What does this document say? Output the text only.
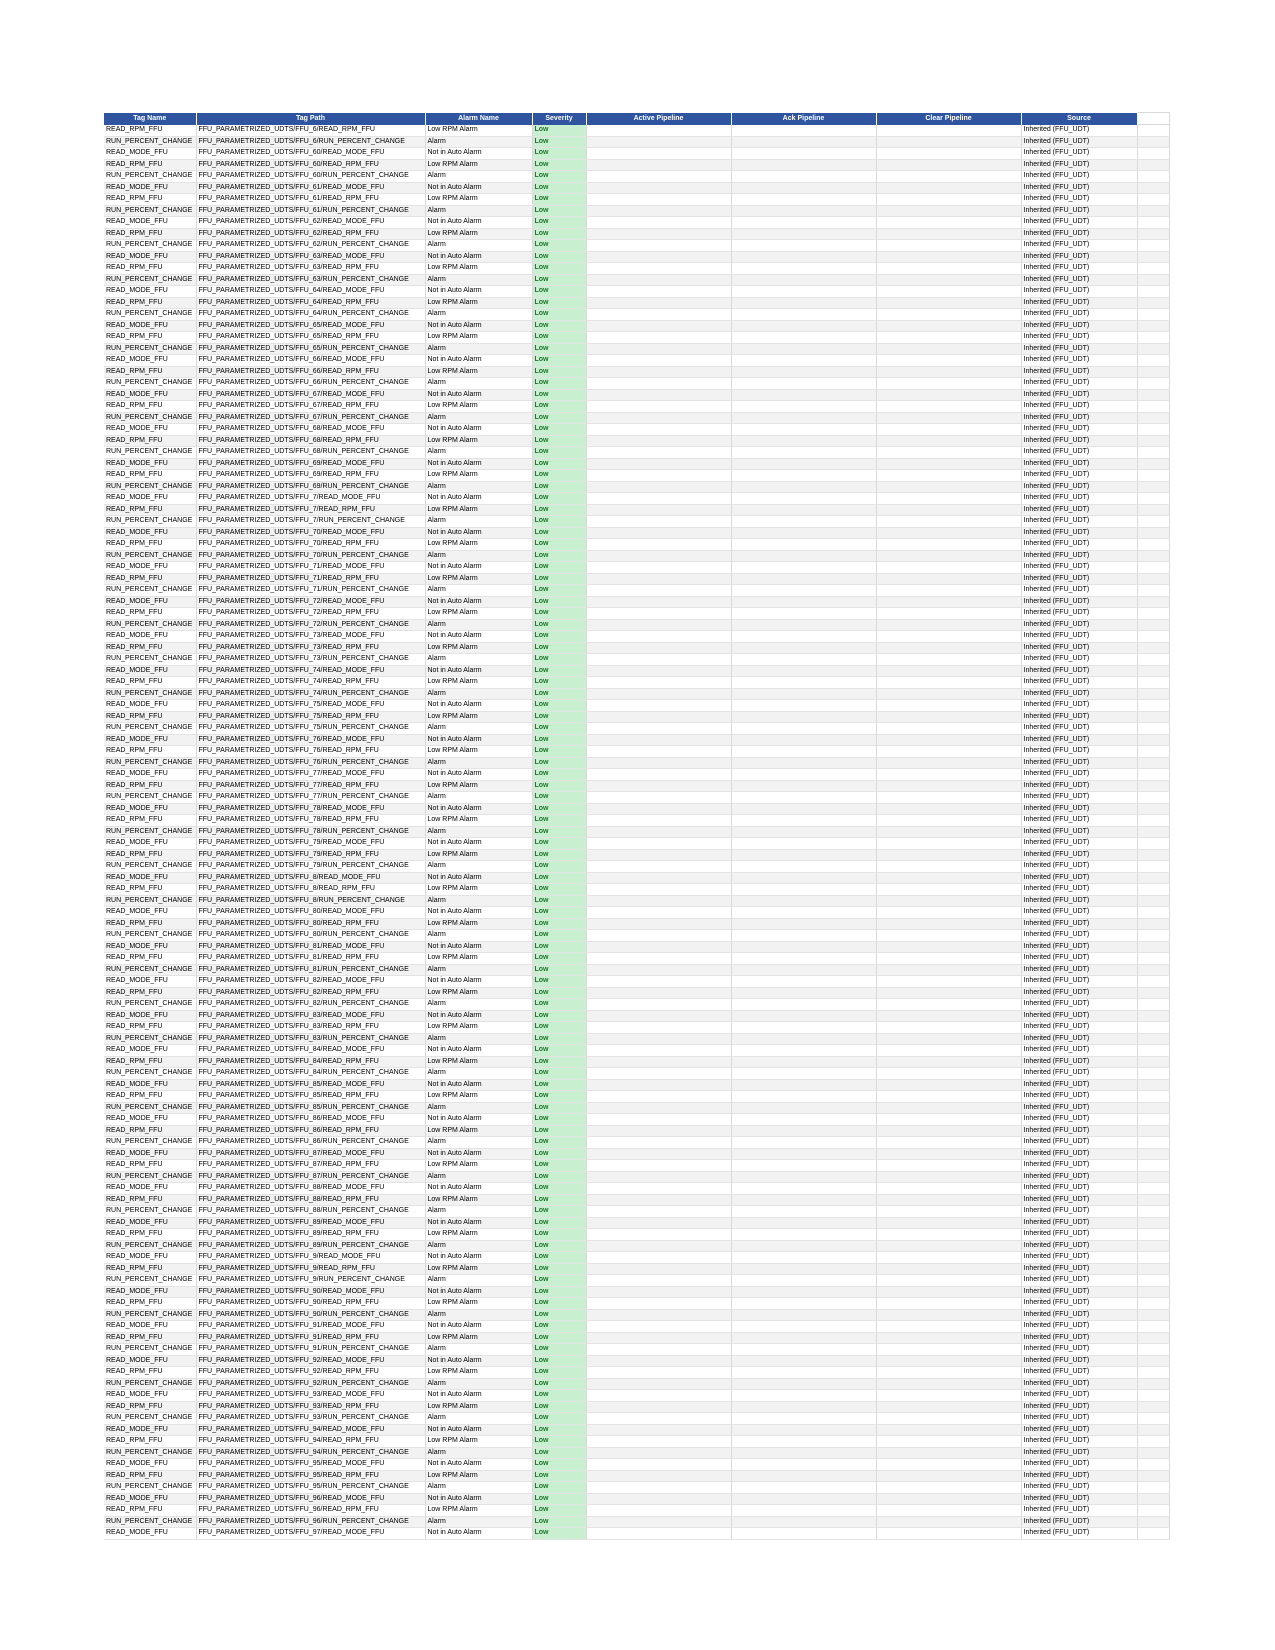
Tag Name	Tag Path	Alarm Name	Severity	Active Pipeline	Ack Pipeline	Clear Pipeline	Source	
READ_RPM_FFU	FFU_PARAMETRIZED_UDTS/FFU_6/READ_RPM_FFU	Low RPM Alarm	Low				Inherited (FFU_UDT)	
RUN_PERCENT_CHANGE	FFU_PARAMETRIZED_UDTS/FFU_6/RUN_PERCENT_CHANGE	Alarm	Low				Inherited (FFU_UDT)	
READ_MODE_FFU	FFU_PARAMETRIZED_UDTS/FFU_60/READ_MODE_FFU	Not in Auto Alarm	Low				Inherited (FFU_UDT)	
READ_RPM_FFU	FFU_PARAMETRIZED_UDTS/FFU_60/READ_RPM_FFU	Low RPM Alarm	Low				Inherited (FFU_UDT)	
RUN_PERCENT_CHANGE	FFU_PARAMETRIZED_UDTS/FFU_60/RUN_PERCENT_CHANGE	Alarm	Low				Inherited (FFU_UDT)	
READ_MODE_FFU	FFU_PARAMETRIZED_UDTS/FFU_61/READ_MODE_FFU	Not in Auto Alarm	Low				Inherited (FFU_UDT)	
READ_RPM_FFU	FFU_PARAMETRIZED_UDTS/FFU_61/READ_RPM_FFU	Low RPM Alarm	Low				Inherited (FFU_UDT)	
RUN_PERCENT_CHANGE	FFU_PARAMETRIZED_UDTS/FFU_61/RUN_PERCENT_CHANGE	Alarm	Low				Inherited (FFU_UDT)	
READ_MODE_FFU	FFU_PARAMETRIZED_UDTS/FFU_62/READ_MODE_FFU	Not in Auto Alarm	Low				Inherited (FFU_UDT)	
READ_RPM_FFU	FFU_PARAMETRIZED_UDTS/FFU_62/READ_RPM_FFU	Low RPM Alarm	Low				Inherited (FFU_UDT)	
RUN_PERCENT_CHANGE	FFU_PARAMETRIZED_UDTS/FFU_62/RUN_PERCENT_CHANGE	Alarm	Low				Inherited (FFU_UDT)	
READ_MODE_FFU	FFU_PARAMETRIZED_UDTS/FFU_63/READ_MODE_FFU	Not in Auto Alarm	Low				Inherited (FFU_UDT)	
READ_RPM_FFU	FFU_PARAMETRIZED_UDTS/FFU_63/READ_RPM_FFU	Low RPM Alarm	Low				Inherited (FFU_UDT)	
RUN_PERCENT_CHANGE	FFU_PARAMETRIZED_UDTS/FFU_63/RUN_PERCENT_CHANGE	Alarm	Low				Inherited (FFU_UDT)	
READ_MODE_FFU	FFU_PARAMETRIZED_UDTS/FFU_64/READ_MODE_FFU	Not in Auto Alarm	Low				Inherited (FFU_UDT)	
READ_RPM_FFU	FFU_PARAMETRIZED_UDTS/FFU_64/READ_RPM_FFU	Low RPM Alarm	Low				Inherited (FFU_UDT)	
RUN_PERCENT_CHANGE	FFU_PARAMETRIZED_UDTS/FFU_64/RUN_PERCENT_CHANGE	Alarm	Low				Inherited (FFU_UDT)	
READ_MODE_FFU	FFU_PARAMETRIZED_UDTS/FFU_65/READ_MODE_FFU	Not in Auto Alarm	Low				Inherited (FFU_UDT)	
READ_RPM_FFU	FFU_PARAMETRIZED_UDTS/FFU_65/READ_RPM_FFU	Low RPM Alarm	Low				Inherited (FFU_UDT)	
RUN_PERCENT_CHANGE	FFU_PARAMETRIZED_UDTS/FFU_65/RUN_PERCENT_CHANGE	Alarm	Low				Inherited (FFU_UDT)	
READ_MODE_FFU	FFU_PARAMETRIZED_UDTS/FFU_66/READ_MODE_FFU	Not in Auto Alarm	Low				Inherited (FFU_UDT)	
READ_RPM_FFU	FFU_PARAMETRIZED_UDTS/FFU_66/READ_RPM_FFU	Low RPM Alarm	Low				Inherited (FFU_UDT)	
RUN_PERCENT_CHANGE	FFU_PARAMETRIZED_UDTS/FFU_66/RUN_PERCENT_CHANGE	Alarm	Low				Inherited (FFU_UDT)	
READ_MODE_FFU	FFU_PARAMETRIZED_UDTS/FFU_67/READ_MODE_FFU	Not in Auto Alarm	Low				Inherited (FFU_UDT)	
READ_RPM_FFU	FFU_PARAMETRIZED_UDTS/FFU_67/READ_RPM_FFU	Low RPM Alarm	Low				Inherited (FFU_UDT)	
RUN_PERCENT_CHANGE	FFU_PARAMETRIZED_UDTS/FFU_67/RUN_PERCENT_CHANGE	Alarm	Low				Inherited (FFU_UDT)	
READ_MODE_FFU	FFU_PARAMETRIZED_UDTS/FFU_68/READ_MODE_FFU	Not in Auto Alarm	Low				Inherited (FFU_UDT)	
READ_RPM_FFU	FFU_PARAMETRIZED_UDTS/FFU_68/READ_RPM_FFU	Low RPM Alarm	Low				Inherited (FFU_UDT)	
RUN_PERCENT_CHANGE	FFU_PARAMETRIZED_UDTS/FFU_68/RUN_PERCENT_CHANGE	Alarm	Low				Inherited (FFU_UDT)	
READ_MODE_FFU	FFU_PARAMETRIZED_UDTS/FFU_69/READ_MODE_FFU	Not in Auto Alarm	Low				Inherited (FFU_UDT)	
READ_RPM_FFU	FFU_PARAMETRIZED_UDTS/FFU_69/READ_RPM_FFU	Low RPM Alarm	Low				Inherited (FFU_UDT)	
RUN_PERCENT_CHANGE	FFU_PARAMETRIZED_UDTS/FFU_69/RUN_PERCENT_CHANGE	Alarm	Low				Inherited (FFU_UDT)	
READ_MODE_FFU	FFU_PARAMETRIZED_UDTS/FFU_7/READ_MODE_FFU	Not in Auto Alarm	Low				Inherited (FFU_UDT)	
READ_RPM_FFU	FFU_PARAMETRIZED_UDTS/FFU_7/READ_RPM_FFU	Low RPM Alarm	Low				Inherited (FFU_UDT)	
RUN_PERCENT_CHANGE	FFU_PARAMETRIZED_UDTS/FFU_7/RUN_PERCENT_CHANGE	Alarm	Low				Inherited (FFU_UDT)	
READ_MODE_FFU	FFU_PARAMETRIZED_UDTS/FFU_70/READ_MODE_FFU	Not in Auto Alarm	Low				Inherited (FFU_UDT)	
READ_RPM_FFU	FFU_PARAMETRIZED_UDTS/FFU_70/READ_RPM_FFU	Low RPM Alarm	Low				Inherited (FFU_UDT)	
RUN_PERCENT_CHANGE	FFU_PARAMETRIZED_UDTS/FFU_70/RUN_PERCENT_CHANGE	Alarm	Low				Inherited (FFU_UDT)	
READ_MODE_FFU	FFU_PARAMETRIZED_UDTS/FFU_71/READ_MODE_FFU	Not in Auto Alarm	Low				Inherited (FFU_UDT)	
READ_RPM_FFU	FFU_PARAMETRIZED_UDTS/FFU_71/READ_RPM_FFU	Low RPM Alarm	Low				Inherited (FFU_UDT)	
RUN_PERCENT_CHANGE	FFU_PARAMETRIZED_UDTS/FFU_71/RUN_PERCENT_CHANGE	Alarm	Low				Inherited (FFU_UDT)	
READ_MODE_FFU	FFU_PARAMETRIZED_UDTS/FFU_72/READ_MODE_FFU	Not in Auto Alarm	Low				Inherited (FFU_UDT)	
READ_RPM_FFU	FFU_PARAMETRIZED_UDTS/FFU_72/READ_RPM_FFU	Low RPM Alarm	Low				Inherited (FFU_UDT)	
RUN_PERCENT_CHANGE	FFU_PARAMETRIZED_UDTS/FFU_72/RUN_PERCENT_CHANGE	Alarm	Low				Inherited (FFU_UDT)	
READ_MODE_FFU	FFU_PARAMETRIZED_UDTS/FFU_73/READ_MODE_FFU	Not in Auto Alarm	Low				Inherited (FFU_UDT)	
READ_RPM_FFU	FFU_PARAMETRIZED_UDTS/FFU_73/READ_RPM_FFU	Low RPM Alarm	Low				Inherited (FFU_UDT)	
RUN_PERCENT_CHANGE	FFU_PARAMETRIZED_UDTS/FFU_73/RUN_PERCENT_CHANGE	Alarm	Low				Inherited (FFU_UDT)	
READ_MODE_FFU	FFU_PARAMETRIZED_UDTS/FFU_74/READ_MODE_FFU	Not in Auto Alarm	Low				Inherited (FFU_UDT)	
READ_RPM_FFU	FFU_PARAMETRIZED_UDTS/FFU_74/READ_RPM_FFU	Low RPM Alarm	Low				Inherited (FFU_UDT)	
RUN_PERCENT_CHANGE	FFU_PARAMETRIZED_UDTS/FFU_74/RUN_PERCENT_CHANGE	Alarm	Low				Inherited (FFU_UDT)	
READ_MODE_FFU	FFU_PARAMETRIZED_UDTS/FFU_75/READ_MODE_FFU	Not in Auto Alarm	Low				Inherited (FFU_UDT)	
READ_RPM_FFU	FFU_PARAMETRIZED_UDTS/FFU_75/READ_RPM_FFU	Low RPM Alarm	Low				Inherited (FFU_UDT)	
RUN_PERCENT_CHANGE	FFU_PARAMETRIZED_UDTS/FFU_75/RUN_PERCENT_CHANGE	Alarm	Low				Inherited (FFU_UDT)	
READ_MODE_FFU	FFU_PARAMETRIZED_UDTS/FFU_76/READ_MODE_FFU	Not in Auto Alarm	Low				Inherited (FFU_UDT)	
READ_RPM_FFU	FFU_PARAMETRIZED_UDTS/FFU_76/READ_RPM_FFU	Low RPM Alarm	Low				Inherited (FFU_UDT)	
RUN_PERCENT_CHANGE	FFU_PARAMETRIZED_UDTS/FFU_76/RUN_PERCENT_CHANGE	Alarm	Low				Inherited (FFU_UDT)	
READ_MODE_FFU	FFU_PARAMETRIZED_UDTS/FFU_77/READ_MODE_FFU	Not in Auto Alarm	Low				Inherited (FFU_UDT)	
READ_RPM_FFU	FFU_PARAMETRIZED_UDTS/FFU_77/READ_RPM_FFU	Low RPM Alarm	Low				Inherited (FFU_UDT)	
RUN_PERCENT_CHANGE	FFU_PARAMETRIZED_UDTS/FFU_77/RUN_PERCENT_CHANGE	Alarm	Low				Inherited (FFU_UDT)	
READ_MODE_FFU	FFU_PARAMETRIZED_UDTS/FFU_78/READ_MODE_FFU	Not in Auto Alarm	Low				Inherited (FFU_UDT)	
READ_RPM_FFU	FFU_PARAMETRIZED_UDTS/FFU_78/READ_RPM_FFU	Low RPM Alarm	Low				Inherited (FFU_UDT)	
RUN_PERCENT_CHANGE	FFU_PARAMETRIZED_UDTS/FFU_78/RUN_PERCENT_CHANGE	Alarm	Low				Inherited (FFU_UDT)	
READ_MODE_FFU	FFU_PARAMETRIZED_UDTS/FFU_79/READ_MODE_FFU	Not in Auto Alarm	Low				Inherited (FFU_UDT)	
READ_RPM_FFU	FFU_PARAMETRIZED_UDTS/FFU_79/READ_RPM_FFU	Low RPM Alarm	Low				Inherited (FFU_UDT)	
RUN_PERCENT_CHANGE	FFU_PARAMETRIZED_UDTS/FFU_79/RUN_PERCENT_CHANGE	Alarm	Low				Inherited (FFU_UDT)	
READ_MODE_FFU	FFU_PARAMETRIZED_UDTS/FFU_8/READ_MODE_FFU	Not in Auto Alarm	Low				Inherited (FFU_UDT)	
READ_RPM_FFU	FFU_PARAMETRIZED_UDTS/FFU_8/READ_RPM_FFU	Low RPM Alarm	Low				Inherited (FFU_UDT)	
RUN_PERCENT_CHANGE	FFU_PARAMETRIZED_UDTS/FFU_8/RUN_PERCENT_CHANGE	Alarm	Low				Inherited (FFU_UDT)	
READ_MODE_FFU	FFU_PARAMETRIZED_UDTS/FFU_80/READ_MODE_FFU	Not in Auto Alarm	Low				Inherited (FFU_UDT)	
READ_RPM_FFU	FFU_PARAMETRIZED_UDTS/FFU_80/READ_RPM_FFU	Low RPM Alarm	Low				Inherited (FFU_UDT)	
RUN_PERCENT_CHANGE	FFU_PARAMETRIZED_UDTS/FFU_80/RUN_PERCENT_CHANGE	Alarm	Low				Inherited (FFU_UDT)	
READ_MODE_FFU	FFU_PARAMETRIZED_UDTS/FFU_81/READ_MODE_FFU	Not in Auto Alarm	Low				Inherited (FFU_UDT)	
READ_RPM_FFU	FFU_PARAMETRIZED_UDTS/FFU_81/READ_RPM_FFU	Low RPM Alarm	Low				Inherited (FFU_UDT)	
RUN_PERCENT_CHANGE	FFU_PARAMETRIZED_UDTS/FFU_81/RUN_PERCENT_CHANGE	Alarm	Low				Inherited (FFU_UDT)	
READ_MODE_FFU	FFU_PARAMETRIZED_UDTS/FFU_82/READ_MODE_FFU	Not in Auto Alarm	Low				Inherited (FFU_UDT)	
READ_RPM_FFU	FFU_PARAMETRIZED_UDTS/FFU_82/READ_RPM_FFU	Low RPM Alarm	Low				Inherited (FFU_UDT)	
RUN_PERCENT_CHANGE	FFU_PARAMETRIZED_UDTS/FFU_82/RUN_PERCENT_CHANGE	Alarm	Low				Inherited (FFU_UDT)	
READ_MODE_FFU	FFU_PARAMETRIZED_UDTS/FFU_83/READ_MODE_FFU	Not in Auto Alarm	Low				Inherited (FFU_UDT)	
READ_RPM_FFU	FFU_PARAMETRIZED_UDTS/FFU_83/READ_RPM_FFU	Low RPM Alarm	Low				Inherited (FFU_UDT)	
RUN_PERCENT_CHANGE	FFU_PARAMETRIZED_UDTS/FFU_83/RUN_PERCENT_CHANGE	Alarm	Low				Inherited (FFU_UDT)	
READ_MODE_FFU	FFU_PARAMETRIZED_UDTS/FFU_84/READ_MODE_FFU	Not in Auto Alarm	Low				Inherited (FFU_UDT)	
READ_RPM_FFU	FFU_PARAMETRIZED_UDTS/FFU_84/READ_RPM_FFU	Low RPM Alarm	Low				Inherited (FFU_UDT)	
RUN_PERCENT_CHANGE	FFU_PARAMETRIZED_UDTS/FFU_84/RUN_PERCENT_CHANGE	Alarm	Low				Inherited (FFU_UDT)	
READ_MODE_FFU	FFU_PARAMETRIZED_UDTS/FFU_85/READ_MODE_FFU	Not in Auto Alarm	Low				Inherited (FFU_UDT)	
READ_RPM_FFU	FFU_PARAMETRIZED_UDTS/FFU_85/READ_RPM_FFU	Low RPM Alarm	Low				Inherited (FFU_UDT)	
RUN_PERCENT_CHANGE	FFU_PARAMETRIZED_UDTS/FFU_85/RUN_PERCENT_CHANGE	Alarm	Low				Inherited (FFU_UDT)	
READ_MODE_FFU	FFU_PARAMETRIZED_UDTS/FFU_86/READ_MODE_FFU	Not in Auto Alarm	Low				Inherited (FFU_UDT)	
READ_RPM_FFU	FFU_PARAMETRIZED_UDTS/FFU_86/READ_RPM_FFU	Low RPM Alarm	Low				Inherited (FFU_UDT)	
RUN_PERCENT_CHANGE	FFU_PARAMETRIZED_UDTS/FFU_86/RUN_PERCENT_CHANGE	Alarm	Low				Inherited (FFU_UDT)	
READ_MODE_FFU	FFU_PARAMETRIZED_UDTS/FFU_87/READ_MODE_FFU	Not in Auto Alarm	Low				Inherited (FFU_UDT)	
READ_RPM_FFU	FFU_PARAMETRIZED_UDTS/FFU_87/READ_RPM_FFU	Low RPM Alarm	Low				Inherited (FFU_UDT)	
RUN_PERCENT_CHANGE	FFU_PARAMETRIZED_UDTS/FFU_87/RUN_PERCENT_CHANGE	Alarm	Low				Inherited (FFU_UDT)	
READ_MODE_FFU	FFU_PARAMETRIZED_UDTS/FFU_88/READ_MODE_FFU	Not in Auto Alarm	Low				Inherited (FFU_UDT)	
READ_RPM_FFU	FFU_PARAMETRIZED_UDTS/FFU_88/READ_RPM_FFU	Low RPM Alarm	Low				Inherited (FFU_UDT)	
RUN_PERCENT_CHANGE	FFU_PARAMETRIZED_UDTS/FFU_88/RUN_PERCENT_CHANGE	Alarm	Low				Inherited (FFU_UDT)	
READ_MODE_FFU	FFU_PARAMETRIZED_UDTS/FFU_89/READ_MODE_FFU	Not in Auto Alarm	Low				Inherited (FFU_UDT)	
READ_RPM_FFU	FFU_PARAMETRIZED_UDTS/FFU_89/READ_RPM_FFU	Low RPM Alarm	Low				Inherited (FFU_UDT)	
RUN_PERCENT_CHANGE	FFU_PARAMETRIZED_UDTS/FFU_89/RUN_PERCENT_CHANGE	Alarm	Low				Inherited (FFU_UDT)	
READ_MODE_FFU	FFU_PARAMETRIZED_UDTS/FFU_9/READ_MODE_FFU	Not in Auto Alarm	Low				Inherited (FFU_UDT)	
READ_RPM_FFU	FFU_PARAMETRIZED_UDTS/FFU_9/READ_RPM_FFU	Low RPM Alarm	Low				Inherited (FFU_UDT)	
RUN_PERCENT_CHANGE	FFU_PARAMETRIZED_UDTS/FFU_9/RUN_PERCENT_CHANGE	Alarm	Low				Inherited (FFU_UDT)	
READ_MODE_FFU	FFU_PARAMETRIZED_UDTS/FFU_90/READ_MODE_FFU	Not in Auto Alarm	Low				Inherited (FFU_UDT)	
READ_RPM_FFU	FFU_PARAMETRIZED_UDTS/FFU_90/READ_RPM_FFU	Low RPM Alarm	Low				Inherited (FFU_UDT)	
RUN_PERCENT_CHANGE	FFU_PARAMETRIZED_UDTS/FFU_90/RUN_PERCENT_CHANGE	Alarm	Low				Inherited (FFU_UDT)	
READ_MODE_FFU	FFU_PARAMETRIZED_UDTS/FFU_91/READ_MODE_FFU	Not in Auto Alarm	Low				Inherited (FFU_UDT)	
READ_RPM_FFU	FFU_PARAMETRIZED_UDTS/FFU_91/READ_RPM_FFU	Low RPM Alarm	Low				Inherited (FFU_UDT)	
RUN_PERCENT_CHANGE	FFU_PARAMETRIZED_UDTS/FFU_91/RUN_PERCENT_CHANGE	Alarm	Low				Inherited (FFU_UDT)	
READ_MODE_FFU	FFU_PARAMETRIZED_UDTS/FFU_92/READ_MODE_FFU	Not in Auto Alarm	Low				Inherited (FFU_UDT)	
READ_RPM_FFU	FFU_PARAMETRIZED_UDTS/FFU_92/READ_RPM_FFU	Low RPM Alarm	Low				Inherited (FFU_UDT)	
RUN_PERCENT_CHANGE	FFU_PARAMETRIZED_UDTS/FFU_92/RUN_PERCENT_CHANGE	Alarm	Low				Inherited (FFU_UDT)	
READ_MODE_FFU	FFU_PARAMETRIZED_UDTS/FFU_93/READ_MODE_FFU	Not in Auto Alarm	Low				Inherited (FFU_UDT)	
READ_RPM_FFU	FFU_PARAMETRIZED_UDTS/FFU_93/READ_RPM_FFU	Low RPM Alarm	Low				Inherited (FFU_UDT)	
RUN_PERCENT_CHANGE	FFU_PARAMETRIZED_UDTS/FFU_93/RUN_PERCENT_CHANGE	Alarm	Low				Inherited (FFU_UDT)	
READ_MODE_FFU	FFU_PARAMETRIZED_UDTS/FFU_94/READ_MODE_FFU	Not in Auto Alarm	Low				Inherited (FFU_UDT)	
READ_RPM_FFU	FFU_PARAMETRIZED_UDTS/FFU_94/READ_RPM_FFU	Low RPM Alarm	Low				Inherited (FFU_UDT)	
RUN_PERCENT_CHANGE	FFU_PARAMETRIZED_UDTS/FFU_94/RUN_PERCENT_CHANGE	Alarm	Low				Inherited (FFU_UDT)	
READ_MODE_FFU	FFU_PARAMETRIZED_UDTS/FFU_95/READ_MODE_FFU	Not in Auto Alarm	Low				Inherited (FFU_UDT)	
READ_RPM_FFU	FFU_PARAMETRIZED_UDTS/FFU_95/READ_RPM_FFU	Low RPM Alarm	Low				Inherited (FFU_UDT)	
RUN_PERCENT_CHANGE	FFU_PARAMETRIZED_UDTS/FFU_95/RUN_PERCENT_CHANGE	Alarm	Low				Inherited (FFU_UDT)	
READ_MODE_FFU	FFU_PARAMETRIZED_UDTS/FFU_96/READ_MODE_FFU	Not in Auto Alarm	Low				Inherited (FFU_UDT)	
READ_RPM_FFU	FFU_PARAMETRIZED_UDTS/FFU_96/READ_RPM_FFU	Low RPM Alarm	Low				Inherited (FFU_UDT)	
RUN_PERCENT_CHANGE	FFU_PARAMETRIZED_UDTS/FFU_96/RUN_PERCENT_CHANGE	Alarm	Low				Inherited (FFU_UDT)	
READ_MODE_FFU	FFU_PARAMETRIZED_UDTS/FFU_97/READ_MODE_FFU	Not in Auto Alarm	Low				Inherited (FFU_UDT)	
